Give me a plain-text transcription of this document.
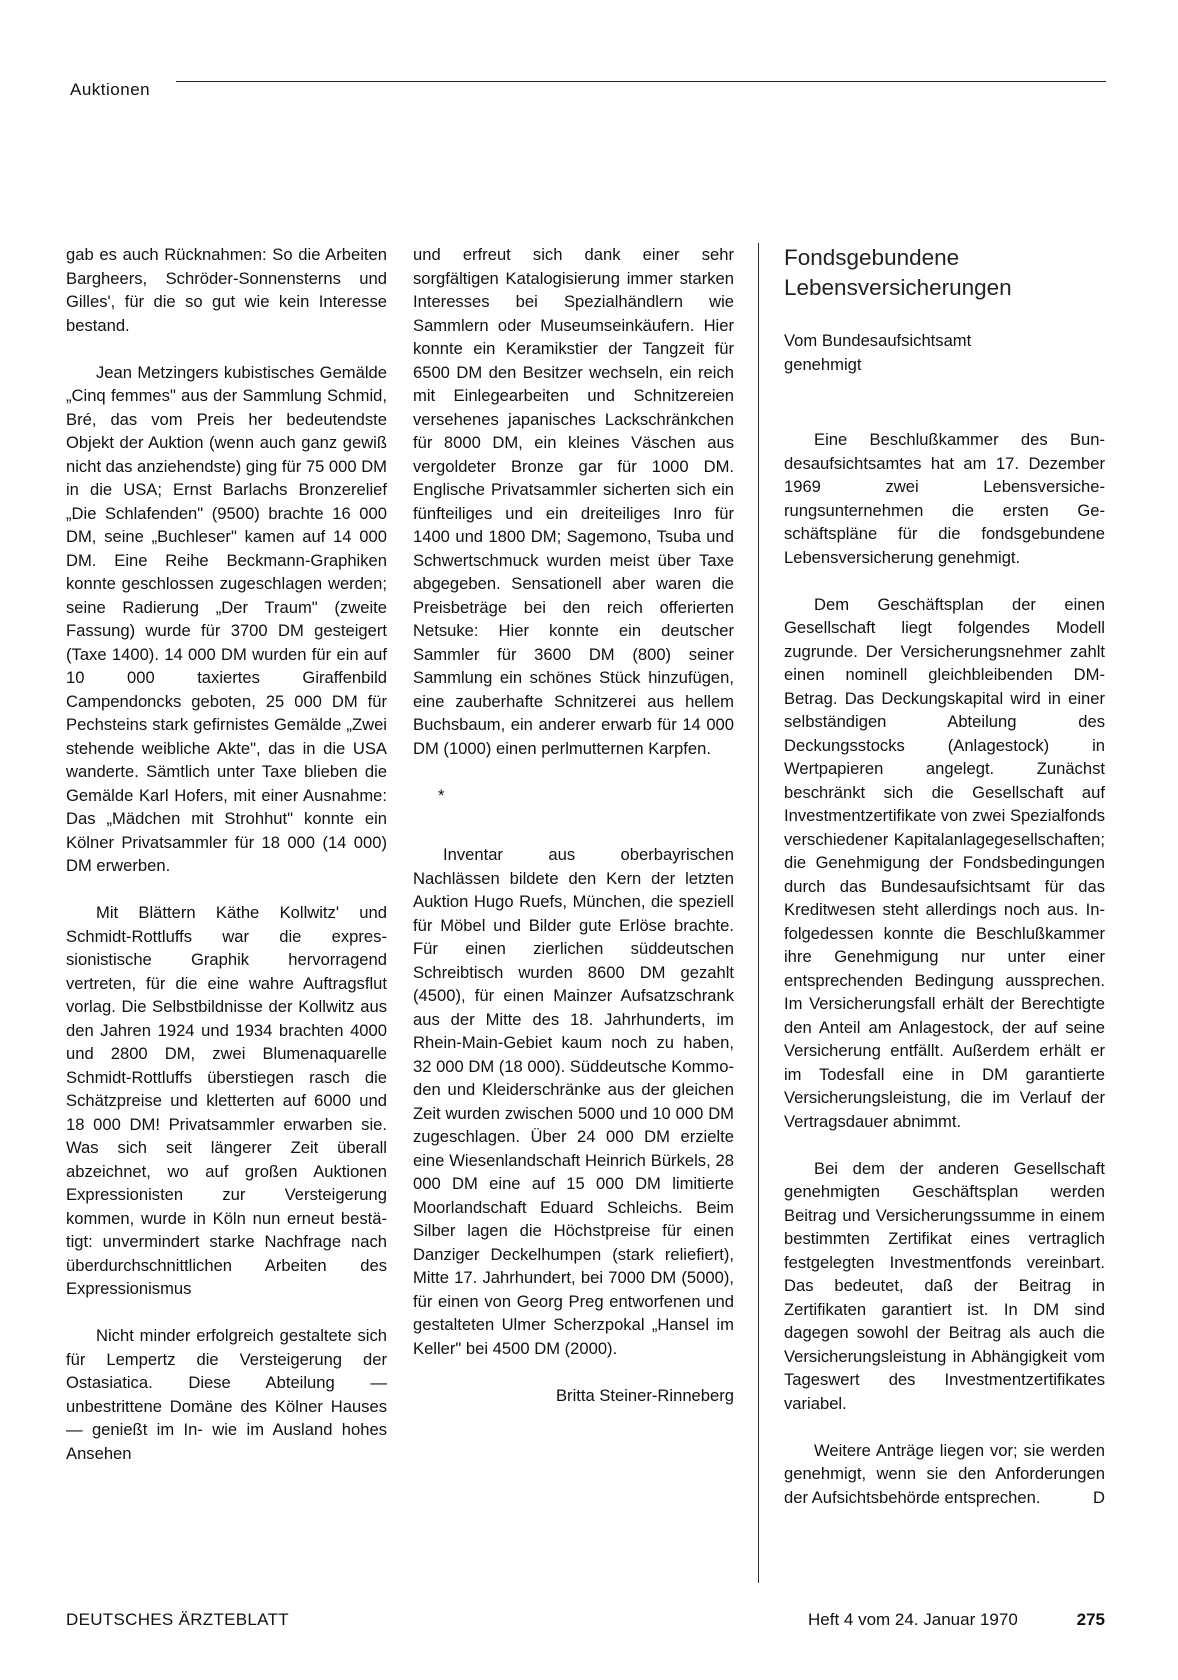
Auktionen

gab es auch Rücknahmen: So die Arbeiten Bargheers, Schröder-Sonnensterns und Gilles', für die so gut wie kein Interesse bestand.

Jean Metzingers kubistisches Gemälde „Cinq femmes" aus der Sammlung Schmid, Bré, das vom Preis her bedeutendste Objekt der Auktion (wenn auch ganz gewiß nicht das anziehendste) ging für 75 000 DM in die USA; Ernst Barlachs Bronzerelief „Die Schlafenden" (9500) brachte 16 000 DM, seine „Buchleser" kamen auf 14 000 DM. Eine Reihe Beckmann-Graphiken konnte geschlossen zugeschlagen werden; seine Radierung „Der Traum" (zweite Fassung) wurde für 3700 DM gesteigert (Taxe 1400). 14 000 DM wurden für ein auf 10 000 taxiertes Giraffenbild Campendoncks geboten, 25 000 DM für Pechsteins stark gefirnistes Gemälde „Zwei stehende weibliche Akte", das in die USA wanderte. Sämtlich unter Taxe blieben die Gemälde Karl Hofers, mit einer Ausnahme: Das „Mädchen mit Strohhut" konnte ein Kölner Privatsammler für 18 000 (14 000) DM erwerben.

Mit Blättern Käthe Kollwitz' und Schmidt-Rottluffs war die expressionistische Graphik hervorragend vertreten, für die eine wahre Auftragsflut vorlag. Die Selbstbildnisse der Kollwitz aus den Jahren 1924 und 1934 brachten 4000 und 2800 DM, zwei Blumenaquarelle Schmidt-Rottluffs überstiegen rasch die Schätzpreise und kletterten auf 6000 und 18 000 DM! Privatsammler erwarben sie. Was sich seit längerer Zeit überall abzeichnet, wo auf großen Auktionen Expressionisten zur Versteigerung kommen, wurde in Köln nun erneut bestätigt: unvermindert starke Nachfrage nach überdurchschnittlichen Arbeiten des Expressionismus

Nicht minder erfolgreich gestaltete sich für Lempertz die Versteigerung der Ostasiatica. Diese Abteilung — unbestrittene Domäne des Kölner Hauses — genießt im In- wie im Ausland hohes Ansehen

und erfreut sich dank einer sehr sorgfältigen Katalogisierung immer starken Interesses bei Spezialhändlern wie Sammlern oder Museumseinkäufern. Hier konnte ein Keramikstier der Tangzeit für 6500 DM den Besitzer wechseln, ein reich mit Einlegearbeiten und Schnitzereien versehenes japanisches Lackschränkchen für 8000 DM, ein kleines Väschen aus vergoldeter Bronze gar für 1000 DM. Englische Privatsammler sicherten sich ein fünfteiliges und ein dreiteiliges Inro für 1400 und 1800 DM; Sagemono, Tsuba und Schwertschmuck wurden meist über Taxe abgegeben. Sensationell aber waren die Preisbeträge bei den reich offerierten Netsuke: Hier konnte ein deutscher Sammler für 3600 DM (800) seiner Sammlung ein schönes Stück hinzufügen, eine zauberhafte Schnitzerei aus hellem Buchsbaum, ein anderer erwarb für 14 000 DM (1000) einen perlmutternen Karpfen.

*

Inventar aus oberbayrischen Nachlässen bildete den Kern der letzten Auktion Hugo Ruefs, München, die speziell für Möbel und Bilder gute Erlöse brachte. Für einen zierlichen süddeutschen Schreibtisch wurden 8600 DM gezahlt (4500), für einen Mainzer Aufsatzschrank aus der Mitte des 18. Jahrhunderts, im Rhein-Main-Gebiet kaum noch zu haben, 32 000 DM (18 000). Süddeutsche Kommoden und Kleiderschränke aus der gleichen Zeit wurden zwischen 5000 und 10 000 DM zugeschlagen. Über 24 000 DM erzielte eine Wiesenlandschaft Heinrich Bürkels, 28 000 DM eine auf 15 000 DM limitierte Moorlandschaft Eduard Schleichs. Beim Silber lagen die Höchstpreise für einen Danziger Deckelhumpen (stark reliefiert), Mitte 17. Jahrhundert, bei 7000 DM (5000), für einen von Georg Preg entworfenen und gestalteten Ulmer Scherzpokal „Hansel im Keller" bei 4500 DM (2000).

Britta Steiner-Rinneberg
Fondsgebundene
Lebensversicherungen
Vom Bundesaufsichtsamt
genehmigt

Eine Beschlußkammer des Bundesaufsichtsamtes hat am 17. Dezember 1969 zwei Lebensversicherungsunternehmen die ersten Geschäftspläne für die fondsgebundene Lebensversicherung genehmigt.

Dem Geschäftsplan der einen Gesellschaft liegt folgendes Modell zugrunde. Der Versicherungsnehmer zahlt einen nominell gleichbleibenden DM-Betrag. Das Deckungskapital wird in einer selbständigen Abteilung des Deckungsstocks (Anlagestock) in Wertpapieren angelegt. Zunächst beschränkt sich die Gesellschaft auf Investmentzertifikate von zwei Spezialfonds verschiedener Kapitalanlagegesellschaften; die Genehmigung der Fondsbedingungen durch das Bundesaufsichtsamt für das Kreditwesen steht allerdings noch aus. Infolgedessen konnte die Beschlußkammer ihre Genehmigung nur unter einer entsprechenden Bedingung aussprechen. Im Versicherungsfall erhält der Berechtigte den Anteil am Anlagestock, der auf seine Versicherung entfällt. Außerdem erhält er im Todesfall eine in DM garantierte Versicherungsleistung, die im Verlauf der Vertragsdauer abnimmt.

Bei dem der anderen Gesellschaft genehmigten Geschäftsplan werden Beitrag und Versicherungssumme in einem bestimmten Zertifikat eines vertraglich festgelegten Investmentfonds vereinbart. Das bedeutet, daß der Beitrag in Zertifikaten garantiert ist. In DM sind dagegen sowohl der Beitrag als auch die Versicherungsleistung in Abhängigkeit vom Tageswert des Investmentzertifikates variabel.

Weitere Anträge liegen vor; sie werden genehmigt, wenn sie den Anforderungen der Aufsichtsbehörde entsprechen.	D

DEUTSCHES ÄRZTEBLATT	Heft 4 vom 24. Januar 1970	275
